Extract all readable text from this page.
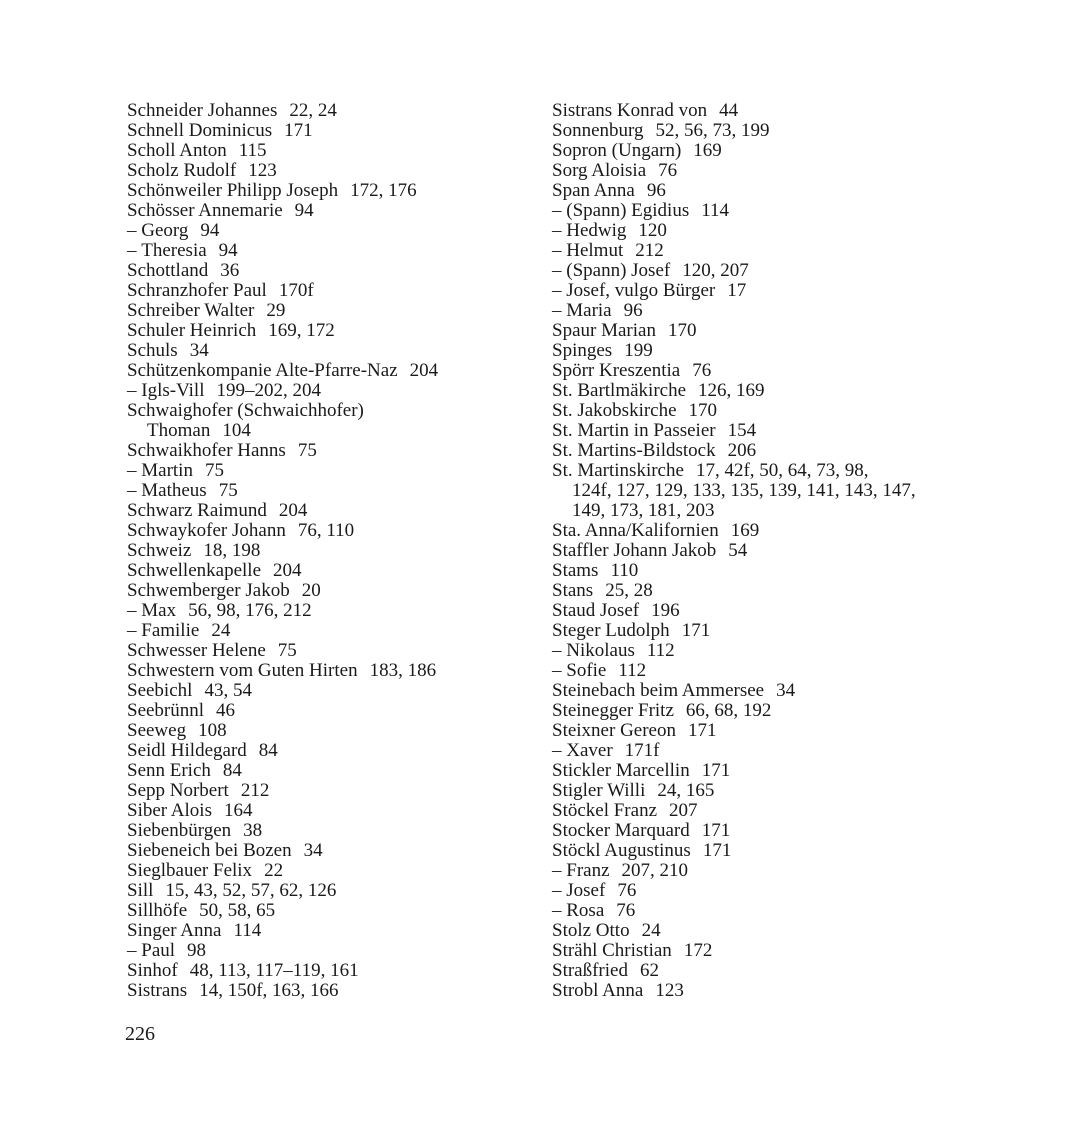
Schneider Johannes 22, 24
Schnell Dominicus 171
Scholl Anton 115
Scholz Rudolf 123
Schönweiler Philipp Joseph 172, 176
Schösser Annemarie 94
– Georg 94
– Theresia 94
Schottland 36
Schranzhofer Paul 170f
Schreiber Walter 29
Schuler Heinrich 169, 172
Schuls 34
Schützenkompanie Alte-Pfarre-Naz 204
– Igls-Vill 199–202, 204
Schwaighofer (Schwaichhofer)
Thoman 104
Schwaikhofer Hanns 75
– Martin 75
– Matheus 75
Schwarz Raimund 204
Schwaykofer Johann 76, 110
Schweiz 18, 198
Schwellenkapelle 204
Schwemberger Jakob 20
– Max 56, 98, 176, 212
– Familie 24
Schwesser Helene 75
Schwestern vom Guten Hirten 183, 186
Seebichl 43, 54
Seebrünnl 46
Seeweg 108
Seidl Hildegard 84
Senn Erich 84
Sepp Norbert 212
Siber Alois 164
Siebenbürgen 38
Siebeneich bei Bozen 34
Sieglbauer Felix 22
Sill 15, 43, 52, 57, 62, 126
Sillhöfe 50, 58, 65
Singer Anna 114
– Paul 98
Sinhof 48, 113, 117–119, 161
Sistrans 14, 150f, 163, 166
Sistrans Konrad von 44
Sonnenburg 52, 56, 73, 199
Sopron (Ungarn) 169
Sorg Aloisia 76
Span Anna 96
– (Spann) Egidius 114
– Hedwig 120
– Helmut 212
– (Spann) Josef 120, 207
– Josef, vulgo Bürger 17
– Maria 96
Spaur Marian 170
Spinges 199
Spörr Kreszentia 76
St. Bartlmäkirche 126, 169
St. Jakobskirche 170
St. Martin in Passeier 154
St. Martins-Bildstock 206
St. Martinskirche 17, 42f, 50, 64, 73, 98,
124f, 127, 129, 133, 135, 139, 141, 143, 147,
149, 173, 181, 203
Sta. Anna/Kalifornien 169
Staffler Johann Jakob 54
Stams 110
Stans 25, 28
Staud Josef 196
Steger Ludolph 171
– Nikolaus 112
– Sofie 112
Steinebach beim Ammersee 34
Steinegger Fritz 66, 68, 192
Steixner Gereon 171
– Xaver 171f
Stickler Marcellin 171
Stigler Willi 24, 165
Stöckel Franz 207
Stocker Marquard 171
Stöckl Augustinus 171
– Franz 207, 210
– Josef 76
– Rosa 76
Stolz Otto 24
Strähl Christian 172
Straßfried 62
Strobl Anna 123
226
